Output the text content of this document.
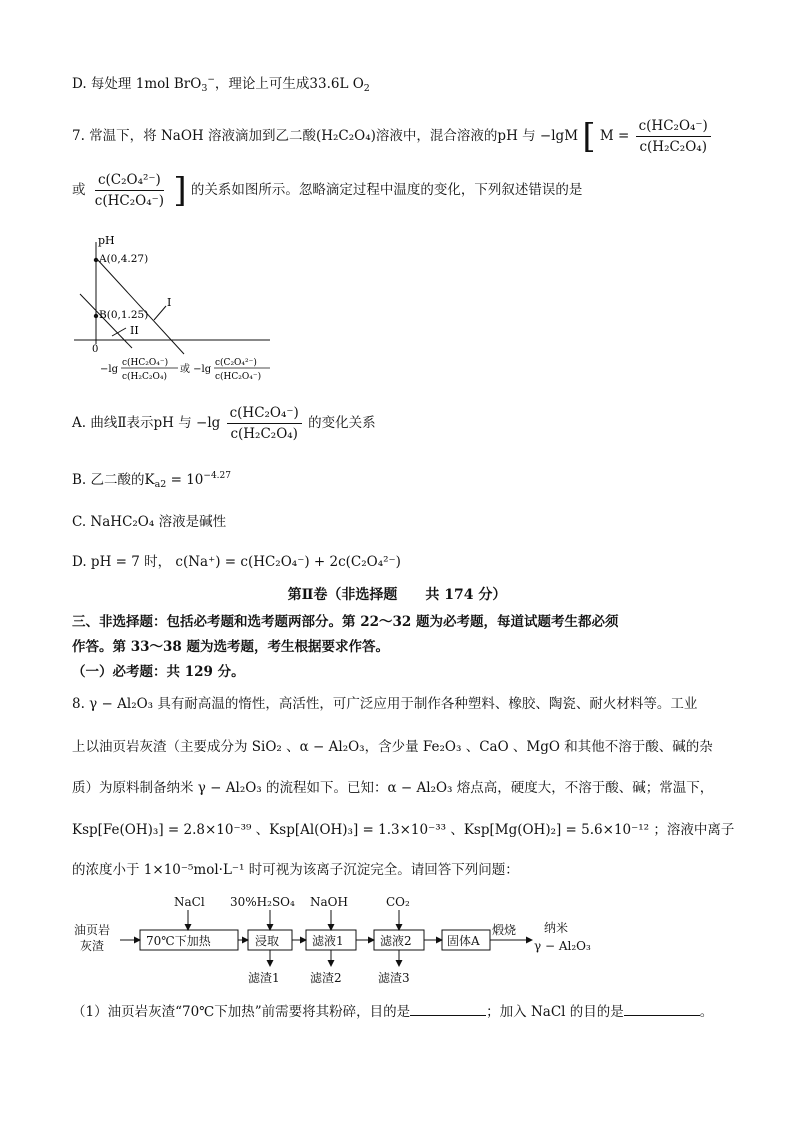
D. 每处理 1mol BrO$_3$−，理论上可生成33.6L $O_2$
7. 常温下，将 NaOH 溶液滴加到乙二酸(H₂C₂O₄)溶液中，混合溶液的pH 与 −lgM [ $M = \frac{\text{c(HC₂O₄⁻)}}{\text{c(H₂C₂O₄)}}$
或 $\frac{\text{c(C₂O₄²⁻)}}{\text{c(HC₂O₄⁻)}}$ ] 的关系如图所示。忽略滴定过程中温度的变化，下列叙述错误的是
pH
A(0,4.27)
B(0,1.25)
I
II
0
−lg
c(HC₂O₄⁻)
c(H₂C₂O₄)
或 −lg
c(C₂O₄²⁻)
c(HC₂O₄⁻)
A. 曲线Ⅱ表示pH 与 $-\lg \frac{\text{c(HC₂O₄⁻)}}{\text{c(H₂C₂O₄)}}$ 的变化关系
B. 乙二酸的$K_{a2} = 10^{-4.27}$
C. NaHC₂O₄ 溶液是碱性
D. pH = 7 时， c(Na⁺) = c(HC₂O₄⁻) + 2c(C₂O₄²⁻)
第Ⅱ卷（非选择题　　共 174 分）
三、非选择题：包括必考题和选考题两部分。第 22～32 题为必考题，每道试题考生都必须
作答。第 33～38 题为选考题，考生根据要求作答。
（一）必考题：共 129 分。
8. γ − Al₂O₃ 具有耐高温的惰性，高活性，可广泛应用于制作各种塑料、橡胶、陶瓷、耐火材料等。工业
上以油页岩灰渣（主要成分为 SiO₂ 、α − Al₂O₃，含少量 Fe₂O₃ 、CaO 、MgO 和其他不溶于酸、碱的杂
质）为原料制备纳米 γ − Al₂O₃ 的流程如下。已知：α − Al₂O₃ 熔点高，硬度大，不溶于酸、碱；常温下，
Ksp[Fe(OH)₃] = 2.8×10⁻³⁹ 、Ksp[Al(OH)₃] = 1.3×10⁻³³ 、Ksp[Mg(OH)₂] = 5.6×10⁻¹² ；溶液中离子
的浓度小于 1×10⁻⁵mol·L⁻¹ 时可视为该离子沉淀完全。请回答下列问题：
油页岩
灰渣	70℃下加热	浸取	滤液1	滤液2	固体A
煅烧 纳米
γ − Al₂O₃
NaCl 30%H₂SO₄ NaOH	CO₂
滤渣1	滤渣2	滤渣3
（1）油页岩灰渣“70℃下加热”前需要将其粉碎，目的是	；加入 NaCl 的目的是	。
